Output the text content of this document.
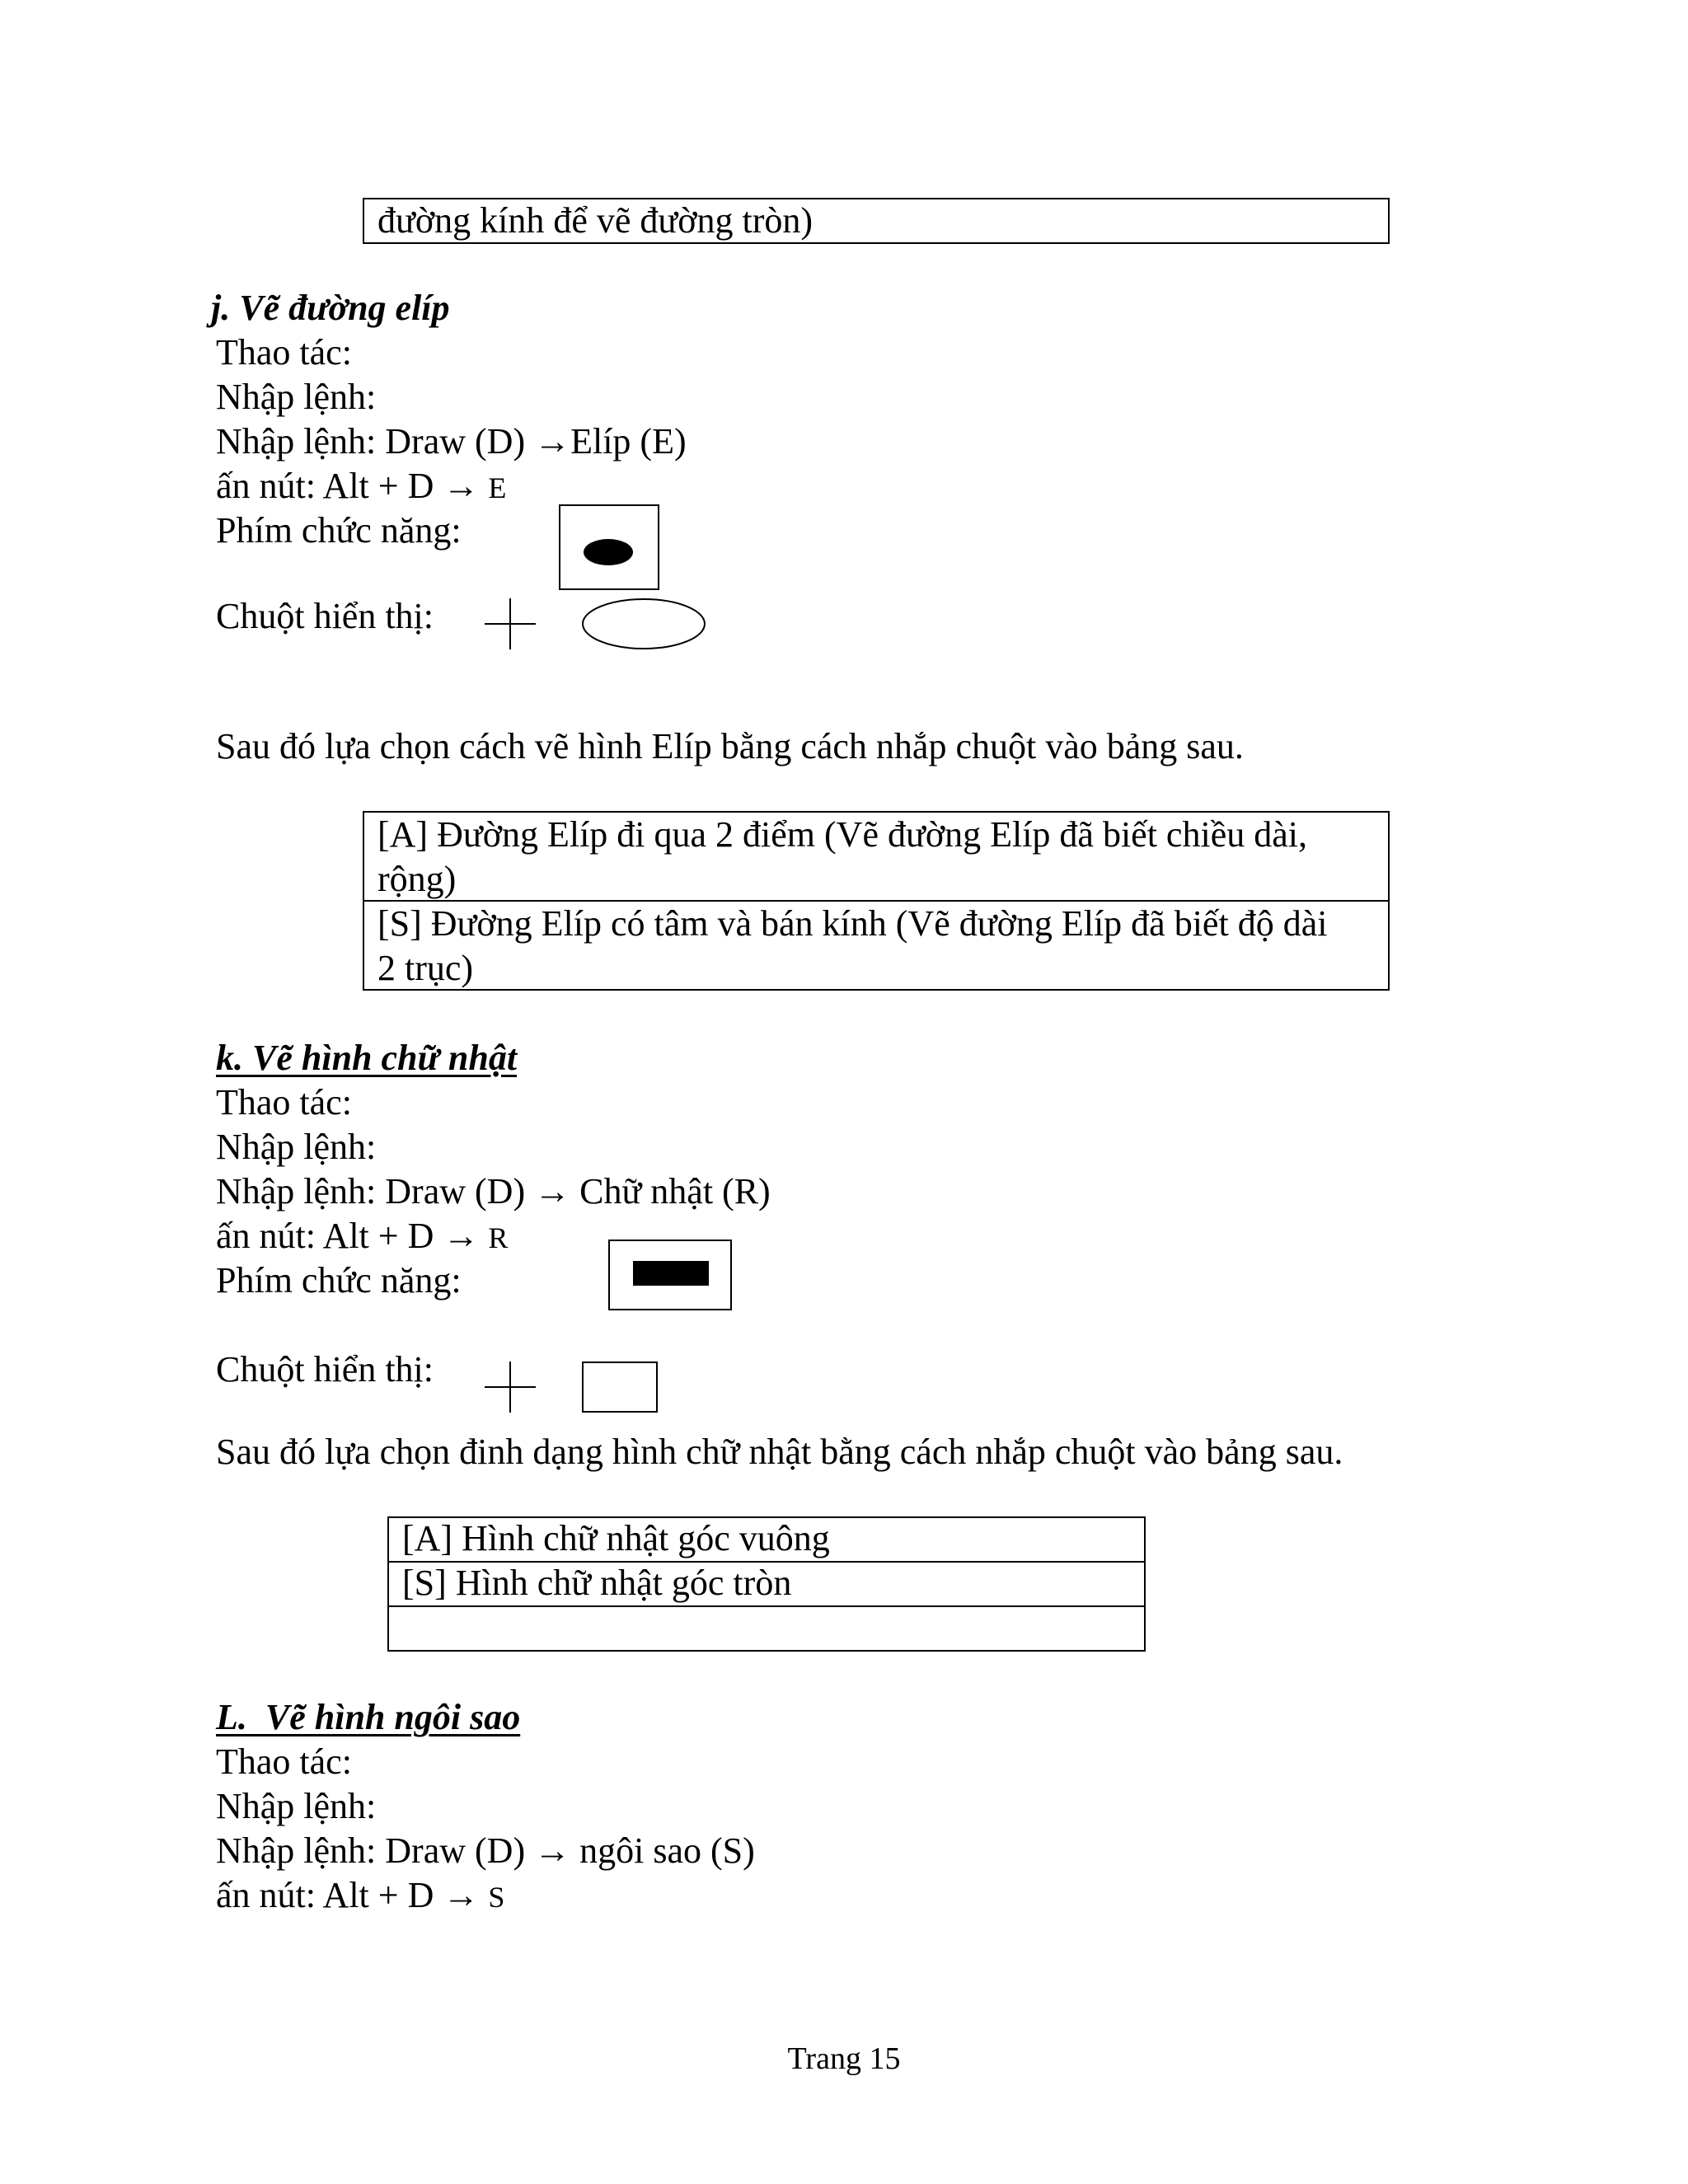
đường kính để vẽ đường tròn)
j. Vẽ đường elíp
Thao tác:
Nhập lệnh:
Nhập lệnh: Draw (D) →Elíp (E)
ấn nút: Alt + D → E
Phím chức năng:
Chuột hiển thị:
Sau đó lựa chọn cách vẽ hình Elíp bằng cách nhắp chuột vào bảng sau.
[A] Đường Elíp đi qua 2 điểm (Vẽ đường Elíp đã biết chiều dài,
rộng)
[S] Đường Elíp có tâm và bán kính (Vẽ đường Elíp đã biết độ dài
2 trục)
k. Vẽ hình chữ nhật
Thao tác:
Nhập lệnh:
Nhập lệnh: Draw (D) → Chữ nhật (R)
ấn nút: Alt + D → R
Phím chức năng:
Chuột hiển thị:
Sau đó lựa chọn đinh dạng hình chữ nhật bằng cách nhắp chuột vào bảng sau.
[A] Hình chữ nhật góc vuông
[S] Hình chữ nhật góc tròn
L.  Vẽ hình ngôi sao
Thao tác:
Nhập lệnh:
Nhập lệnh: Draw (D) → ngôi sao (S)
ấn nút: Alt + D → S
Trang 15
